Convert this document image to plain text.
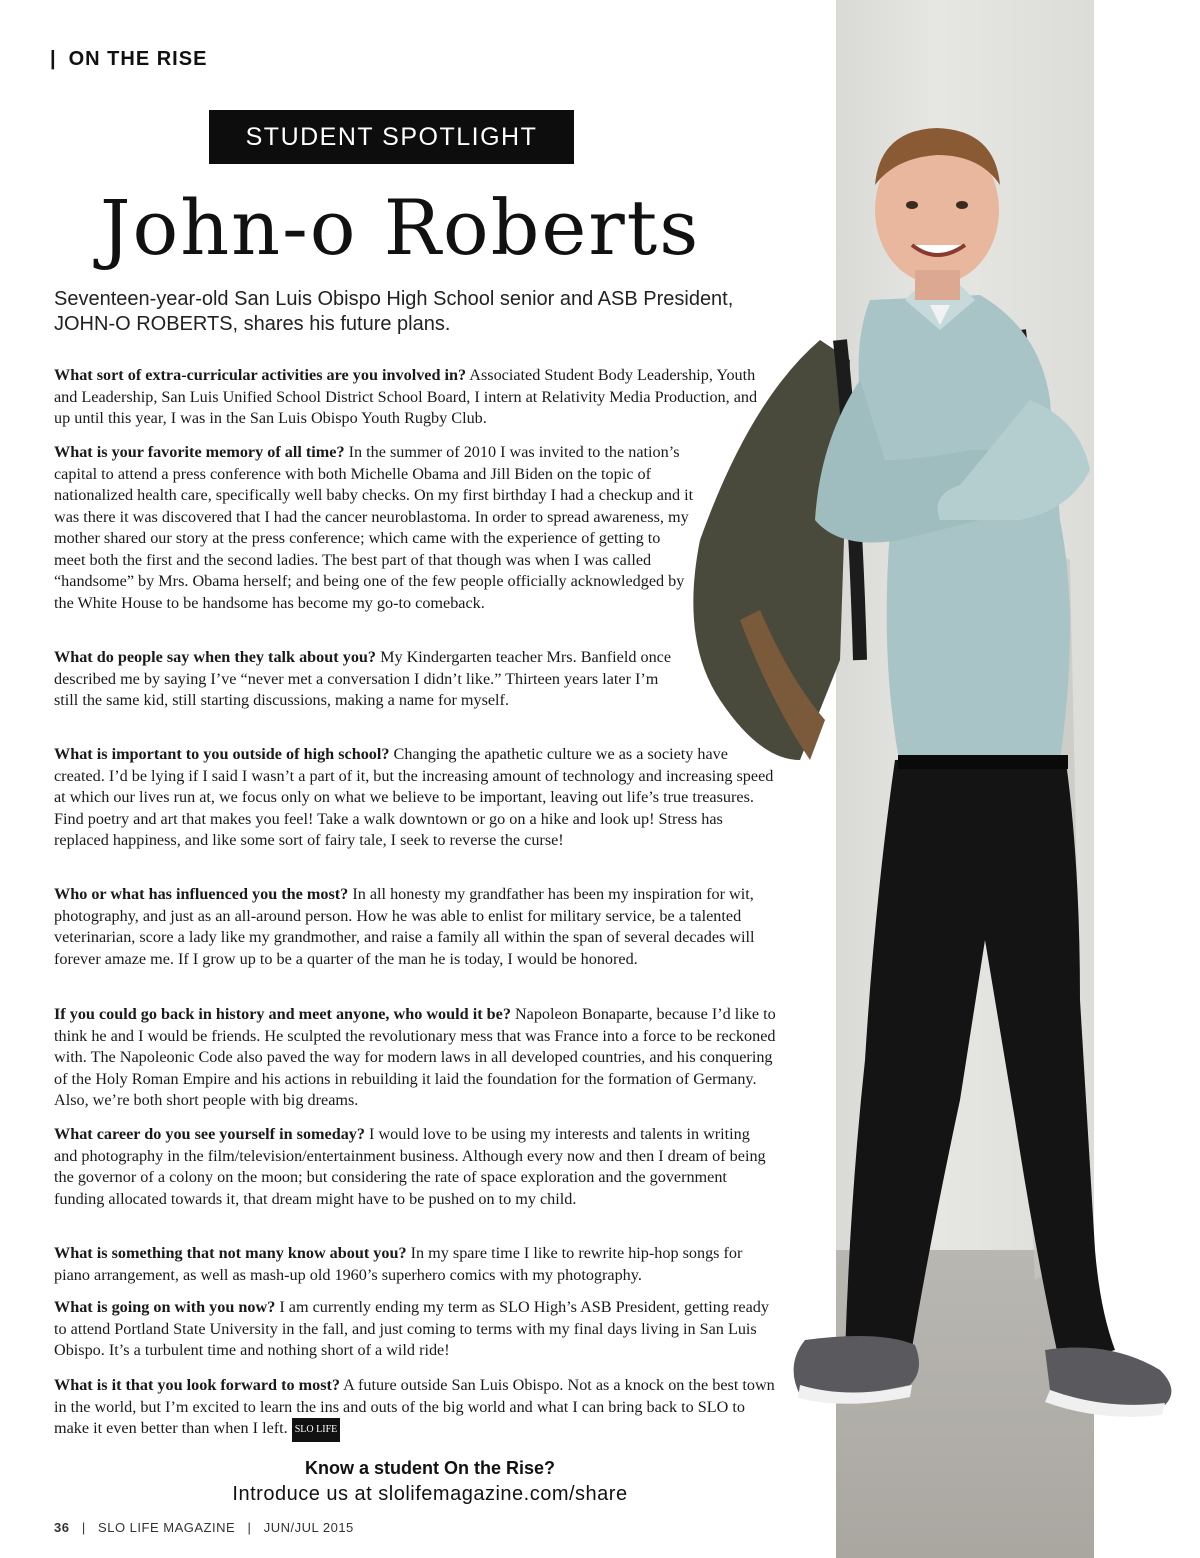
| ON THE RISE
STUDENT SPOTLIGHT
John-o Roberts
Seventeen-year-old San Luis Obispo High School senior and ASB President, JOHN-O ROBERTS, shares his future plans.
What sort of extra-curricular activities are you involved in? Associated Student Body Leadership, Youth and Leadership, San Luis Unified School District School Board, I intern at Relativity Media Production, and up until this year, I was in the San Luis Obispo Youth Rugby Club.
What is your favorite memory of all time? In the summer of 2010 I was invited to the nation’s capital to attend a press conference with both Michelle Obama and Jill Biden on the topic of nationalized health care, specifically well baby checks. On my first birthday I had a checkup and it was there it was discovered that I had the cancer neuroblastoma. In order to spread awareness, my mother shared our story at the press conference; which came with the experience of getting to meet both the first and the second ladies. The best part of that though was when I was called “handsome” by Mrs. Obama herself; and being one of the few people officially acknowledged by the White House to be handsome has become my go-to comeback.
What do people say when they talk about you? My Kindergarten teacher Mrs. Banfield once described me by saying I’ve “never met a conversation I didn’t like.” Thirteen years later I’m still the same kid, still starting discussions, making a name for myself.
What is important to you outside of high school? Changing the apathetic culture we as a society have created. I’d be lying if I said I wasn’t a part of it, but the increasing amount of technology and increasing speed at which our lives run at, we focus only on what we believe to be important, leaving out life’s true treasures. Find poetry and art that makes you feel! Take a walk downtown or go on a hike and look up! Stress has replaced happiness, and like some sort of fairy tale, I seek to reverse the curse!
Who or what has influenced you the most? In all honesty my grandfather has been my inspiration for wit, photography, and just as an all-around person. How he was able to enlist for military service, be a talented veterinarian, score a lady like my grandmother, and raise a family all within the span of several decades will forever amaze me. If I grow up to be a quarter of the man he is today, I would be honored.
If you could go back in history and meet anyone, who would it be? Napoleon Bonaparte, because I’d like to think he and I would be friends. He sculpted the revolutionary mess that was France into a force to be reckoned with. The Napoleonic Code also paved the way for modern laws in all developed countries, and his conquering of the Holy Roman Empire and his actions in rebuilding it laid the foundation for the formation of Germany. Also, we’re both short people with big dreams.
What career do you see yourself in someday? I would love to be using my interests and talents in writing and photography in the film/television/entertainment business. Although every now and then I dream of being the governor of a colony on the moon; but considering the rate of space exploration and the government funding allocated towards it, that dream might have to be pushed on to my child.
What is something that not many know about you? In my spare time I like to rewrite hip-hop songs for piano arrangement, as well as mash-up old 1960’s superhero comics with my photography.
What is going on with you now? I am currently ending my term as SLO High’s ASB President, getting ready to attend Portland State University in the fall, and just coming to terms with my final days living in San Luis Obispo. It’s a turbulent time and nothing short of a wild ride!
What is it that you look forward to most? A future outside San Luis Obispo. Not as a knock on the best town in the world, but I’m excited to learn the ins and outs of the big world and what I can bring back to SLO to make it even better than when I left. SLO LIFE
Know a student On the Rise?
Introduce us at slolifemagazine.com/share
36 | SLO LIFE MAGAZINE | JUN/JUL 2015
